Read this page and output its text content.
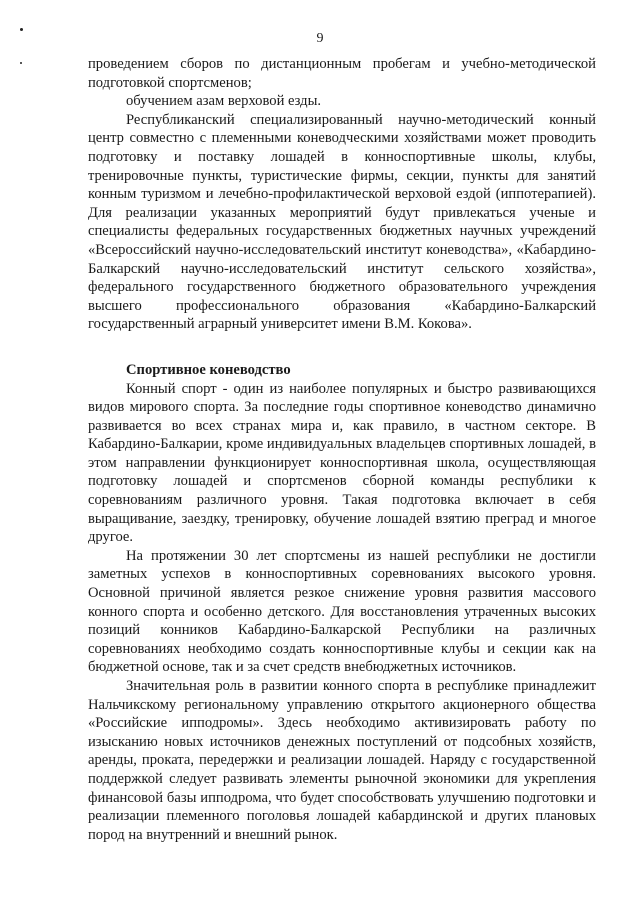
9

проведением сборов по дистанционным пробегам и учебно-методической подготовкой спортсменов;

обучением азам верховой езды.

Республиканский специализированный научно-методический конный центр совместно с племенными коневодческими хозяйствами может проводить подготовку и поставку лошадей в конноспортивные школы, клубы, тренировочные пункты, туристические фирмы, секции, пункты для занятий конным туризмом и лечебно-профилактической верховой ездой (иппотерапией). Для реализации указанных мероприятий будут привлекаться ученые и специалисты федеральных государственных бюджетных научных учреждений «Всероссийский научно-исследовательский институт коневодства», «Кабардино-Балкарский научно-исследовательский институт сельского хозяйства», федерального государственного бюджетного образовательного учреждения высшего профессионального образования «Кабардино-Балкарский государственный аграрный университет имени В.М. Кокова».

Спортивное коневодство

Конный спорт - один из наиболее популярных и быстро развивающихся видов мирового спорта. За последние годы спортивное коневодство динамично развивается во всех странах мира и, как правило, в частном секторе. В Кабардино-Балкарии, кроме индивидуальных владельцев спортивных лошадей, в этом направлении функционирует конноспортивная школа, осуществляющая подготовку лошадей и спортсменов сборной команды республики к соревнованиям различного уровня. Такая подготовка включает в себя выращивание, заездку, тренировку, обучение лошадей взятию преград и многое другое.

На протяжении 30 лет спортсмены из нашей республики не достигли заметных успехов в конноспортивных соревнованиях высокого уровня. Основной причиной является резкое снижение уровня развития массового конного спорта и особенно детского. Для восстановления утраченных высоких позиций конников Кабардино-Балкарской Республики на различных соревнованиях необходимо создать конноспортивные клубы и секции как на бюджетной основе, так и за счет средств внебюджетных источников.

Значительная роль в развитии конного спорта в республике принадлежит Нальчикскому региональному управлению открытого акционерного общества «Российские ипподромы». Здесь необходимо активизировать работу по изысканию новых источников денежных поступлений от подсобных хозяйств, аренды, проката, передержки и реализации лошадей. Наряду с государственной поддержкой следует развивать элементы рыночной экономики для укрепления финансовой базы ипподрома, что будет способствовать улучшению подготовки и реализации племенного поголовья лошадей кабардинской и других плановых пород на внутренний и внешний рынок.
